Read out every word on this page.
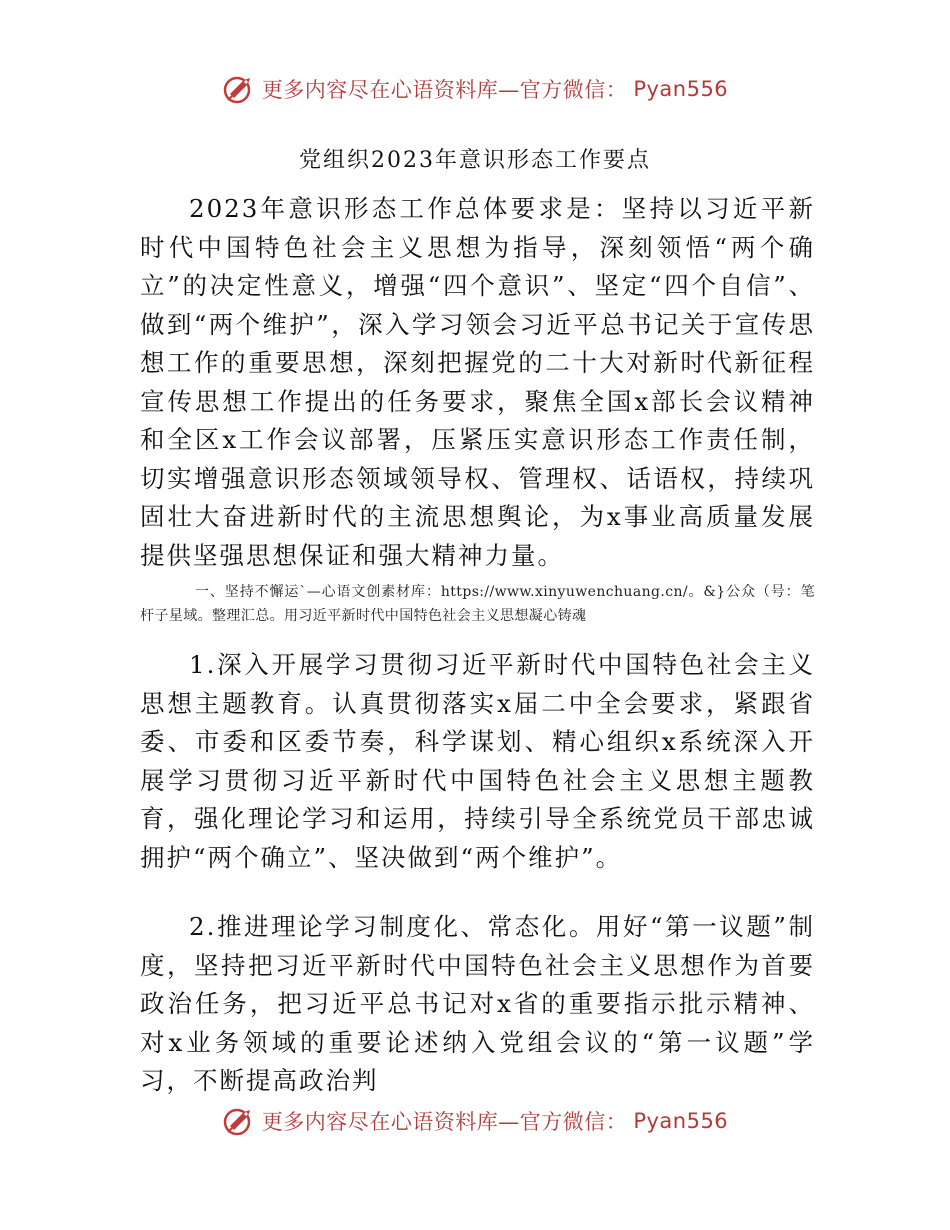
更多内容尽在心语资料库—官方微信： Pyan556
党组织2023年意识形态工作要点

2023年意识形态工作总体要求是：坚持以习近平新时代中国特色社会主义思想为指导，深刻领悟“两个确立”的决定性意义，增强“四个意识”、坚定“四个自信”、做到“两个维护”，深入学习领会习近平总书记关于宣传思想工作的重要思想，深刻把握党的二十大对新时代新征程宣传思想工作提出的任务要求，聚焦全国x部长会议精神和全区x工作会议部署，压紧压实意识形态工作责任制，切实增强意识形态领域领导权、管理权、话语权，持续巩固壮大奋进新时代的主流思想舆论，为x事业高质量发展提供坚强思想保证和强大精神力量。

一、坚持不懈运`—心语文创素材库：https://www.xinyuwenchuang.cn/。&}公众（号：笔杆子星域。整理汇总。用习近平新时代中国特色社会主义思想凝心铸魂

1.深入开展学习贯彻习近平新时代中国特色社会主义思想主题教育。认真贯彻落实x届二中全会要求，紧跟省委、市委和区委节奏，科学谋划、精心组织x系统深入开展学习贯彻习近平新时代中国特色社会主义思想主题教育，强化理论学习和运用，持续引导全系统党员干部忠诚拥护“两个确立”、坚决做到“两个维护”。

2.推进理论学习制度化、常态化。用好“第一议题”制度，坚持把习近平新时代中国特色社会主义思想作为首要政治任务，把习近平总书记对x省的重要指示批示精神、对x业务领域的重要论述纳入党组会议的“第一议题”学习，不断提高政治判

更多内容尽在心语资料库—官方微信： Pyan556
